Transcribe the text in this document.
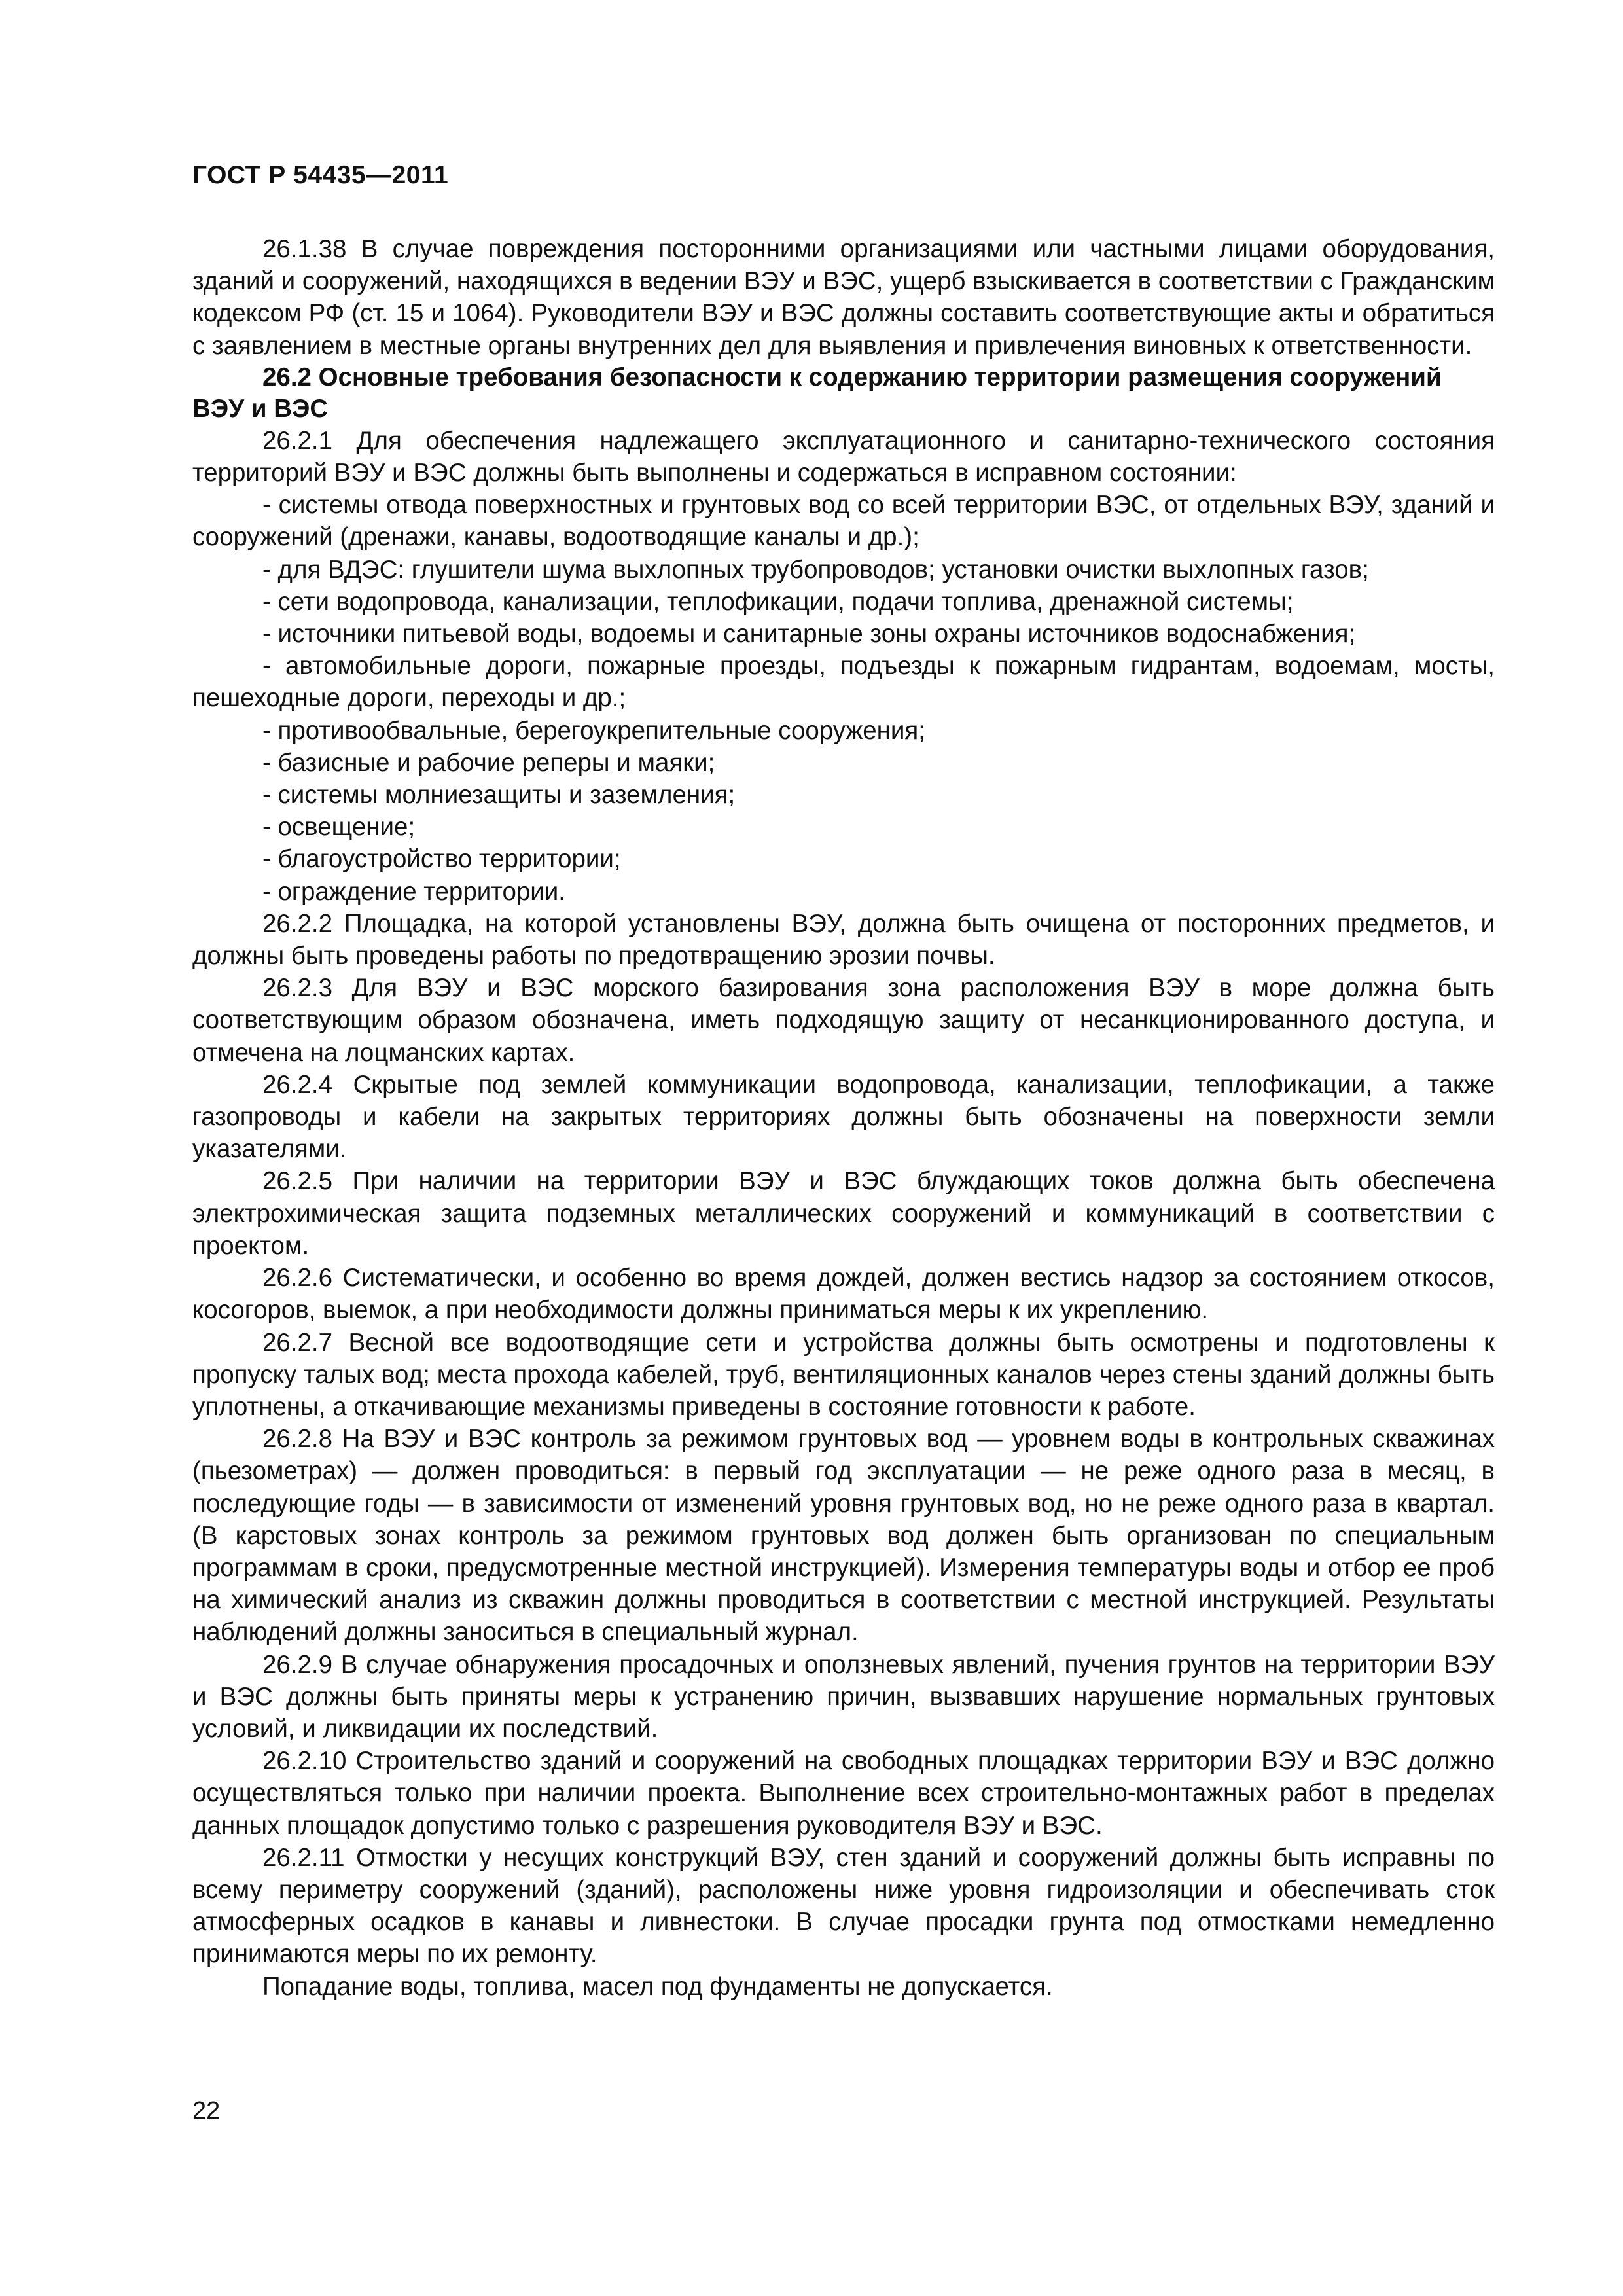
ГОСТ Р 54435—2011

26.1.38 В случае повреждения посторонними организациями или частными лицами оборудования, зданий и сооружений, находящихся в ведении ВЭУ и ВЭС, ущерб взыскивается в соответствии с Гражданским кодексом РФ (ст. 15 и 1064). Руководители ВЭУ и ВЭС должны составить соответствующие акты и обратиться с заявлением в местные органы внутренних дел для выявления и привлечения виновных к ответственности.

26.2 Основные требования безопасности к содержанию территории размещения сооружений ВЭУ и ВЭС

26.2.1 Для обеспечения надлежащего эксплуатационного и санитарно-технического состояния территорий ВЭУ и ВЭС должны быть выполнены и содержаться в исправном состоянии:

- системы отвода поверхностных и грунтовых вод со всей территории ВЭС, от отдельных ВЭУ, зданий и сооружений (дренажи, канавы, водоотводящие каналы и др.);

- для ВДЭС: глушители шума выхлопных трубопроводов; установки очистки выхлопных газов;

- сети водопровода, канализации, теплофикации, подачи топлива, дренажной системы;

- источники питьевой воды, водоемы и санитарные зоны охраны источников водоснабжения;

- автомобильные дороги, пожарные проезды, подъезды к пожарным гидрантам, водоемам, мосты, пешеходные дороги, переходы и др.;

- противообвальные, берегоукрепительные сооружения;

- базисные и рабочие реперы и маяки;

- системы молниезащиты и заземления;

- освещение;

- благоустройство территории;

- ограждение территории.

26.2.2 Площадка, на которой установлены ВЭУ, должна быть очищена от посторонних предметов, и должны быть проведены работы по предотвращению эрозии почвы.

26.2.3 Для ВЭУ и ВЭС морского базирования зона расположения ВЭУ в море должна быть соответствующим образом обозначена, иметь подходящую защиту от несанкционированного доступа, и отмечена на лоцманских картах.

26.2.4 Скрытые под землей коммуникации водопровода, канализации, теплофикации, а также газопроводы и кабели на закрытых территориях должны быть обозначены на поверхности земли указателями.

26.2.5 При наличии на территории ВЭУ и ВЭС блуждающих токов должна быть обеспечена электрохимическая защита подземных металлических сооружений и коммуникаций в соответствии с проектом.

26.2.6 Систематически, и особенно во время дождей, должен вестись надзор за состоянием откосов, косогоров, выемок, а при необходимости должны приниматься меры к их укреплению.

26.2.7 Весной все водоотводящие сети и устройства должны быть осмотрены и подготовлены к пропуску талых вод; места прохода кабелей, труб, вентиляционных каналов через стены зданий должны быть уплотнены, а откачивающие механизмы приведены в состояние готовности к работе.

26.2.8 На ВЭУ и ВЭС контроль за режимом грунтовых вод — уровнем воды в контрольных скважинах (пьезометрах) — должен проводиться: в первый год эксплуатации — не реже одного раза в месяц, в последующие годы — в зависимости от изменений уровня грунтовых вод, но не реже одного раза в квартал. (В карстовых зонах контроль за режимом грунтовых вод должен быть организован по специальным программам в сроки, предусмотренные местной инструкцией). Измерения температуры воды и отбор ее проб на химический анализ из скважин должны проводиться в соответствии с местной инструкцией. Результаты наблюдений должны заноситься в специальный журнал.

26.2.9 В случае обнаружения просадочных и оползневых явлений, пучения грунтов на территории ВЭУ и ВЭС должны быть приняты меры к устранению причин, вызвавших нарушение нормальных грунтовых условий, и ликвидации их последствий.

26.2.10 Строительство зданий и сооружений на свободных площадках территории ВЭУ и ВЭС должно осуществляться только при наличии проекта. Выполнение всех строительно-монтажных работ в пределах данных площадок допустимо только с разрешения руководителя ВЭУ и ВЭС.

26.2.11 Отмостки у несущих конструкций ВЭУ, стен зданий и сооружений должны быть исправны по всему периметру сооружений (зданий), расположены ниже уровня гидроизоляции и обеспечивать сток атмосферных осадков в канавы и ливнестоки. В случае просадки грунта под отмостками немедленно принимаются меры по их ремонту.

Попадание воды, топлива, масел под фундаменты не допускается.

22
